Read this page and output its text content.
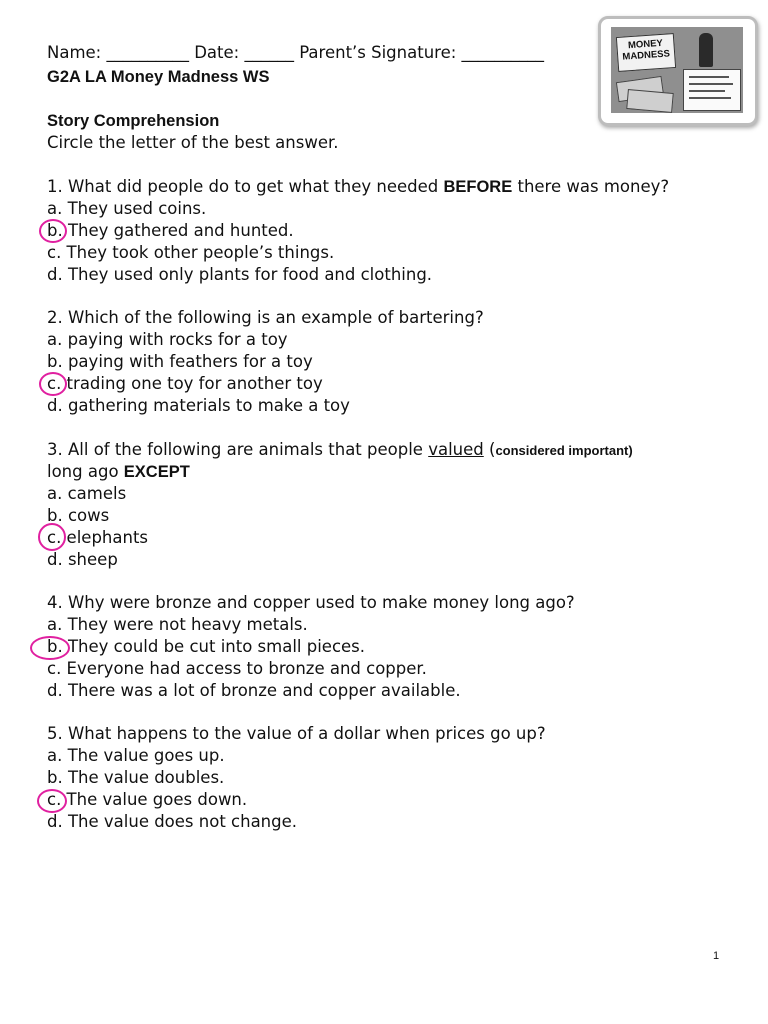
Name: __________ Date: ______ Parent’s Signature: __________
G2A LA Money Madness WS
MONEY
MADNESS
Story Comprehension
Circle the letter of the best answer.
1. What did people do to get what they needed BEFORE there was money?
a. They used coins.
b. They gathered and hunted.
c. They took other people’s things.
d. They used only plants for food and clothing.
2. Which of the following is an example of bartering?
a. paying with rocks for a toy
b. paying with feathers for a toy
c. trading one toy for another toy
d. gathering materials to make a toy
3. All of the following are animals that people valued (considered important)
long ago EXCEPT
a. camels
b. cows
c. elephants
d. sheep
4. Why were bronze and copper used to make money long ago?
a. They were not heavy metals.
b. They could be cut into small pieces.
c. Everyone had access to bronze and copper.
d. There was a lot of bronze and copper available.
5. What happens to the value of a dollar when prices go up?
a. The value goes up.
b. The value doubles.
c. The value goes down.
d. The value does not change.
1
